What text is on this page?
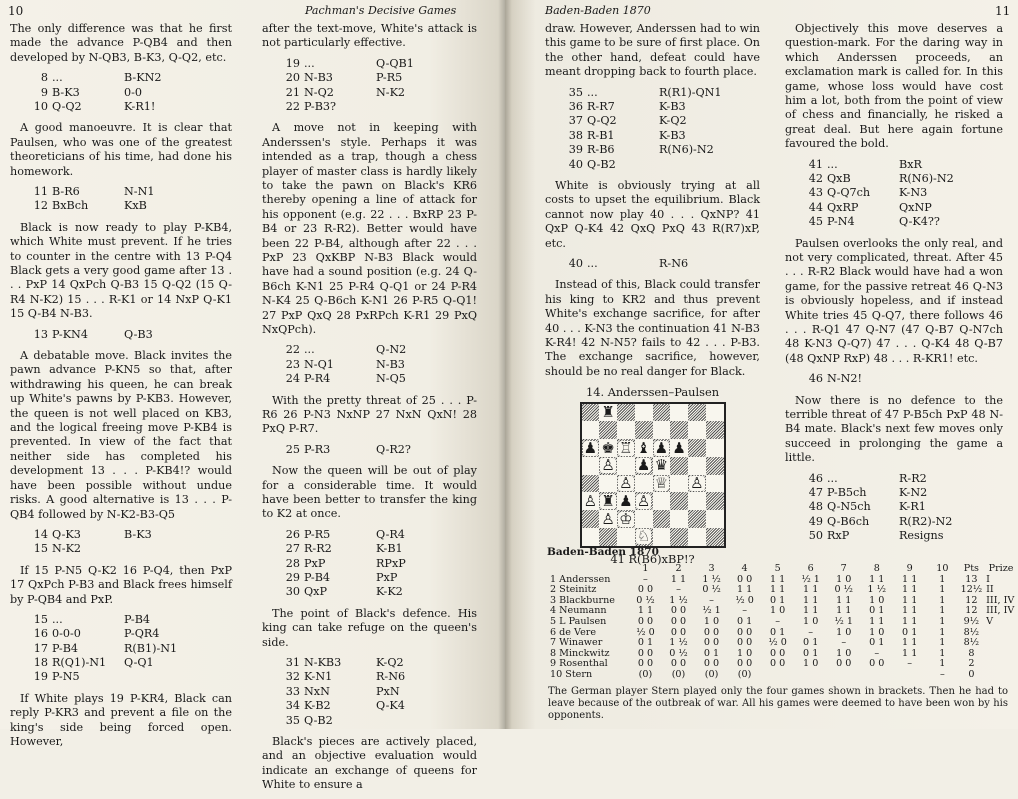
10	Pachman's Decisive Games

The only difference was that he first made the advance P-QB4 and then developed by N-QB3, B-K3, Q-Q2, etc.

8 ...	B-KN2
9 B-K3	0-0
10 Q-Q2	K-R1!

A good manoeuvre. It is clear that Paulsen, who was one of the greatest theoreticians of his time, had done his homework.

11 B-R6	N-N1
12 BxBch	KxB

Black is now ready to play P-KB4, which White must prevent. If he tries to counter in the centre with 13 P-Q4 Black gets a very good game after 13 . . . PxP 14 QxPch Q-B3 15 Q-Q2 (15 Q-R4 N-K2) 15 . . . R-K1 or 14 NxP Q-K1 15 Q-B4 N-B3.

13 P-KN4	Q-B3

A debatable move. Black invites the pawn advance P-KN5 so that, after withdrawing his queen, he can break up White's pawns by P-KB3. However, the queen is not well placed on KB3, and the logical freeing move P-KB4 is prevented. In view of the fact that neither side has completed his development 13 . . . P-KB4!? would have been possible without undue risks. A good alternative is 13 . . . P-QB4 followed by N-K2-B3-Q5

14 Q-K3	B-K3
15 N-K2

If 15 P-N5 Q-K2 16 P-Q4, then PxP 17 QxPch P-B3 and Black frees himself by P-QB4 and PxP.

15 ...	P-B4
16 0-0-0	P-QR4
17 P-B4	R(B1)-N1
18 R(Q1)-N1	Q-Q1
19 P-N5

If White plays 19 P-KR4, Black can reply P-KR3 and prevent a file on the king's side being forced open. However,

after the text-move, White's attack is not particularly effective.

19 ...	Q-QB1
20 N-B3	P-R5
21 N-Q2	N-K2
22 P-B3?

A move not in keeping with Anderssen's style. Perhaps it was intended as a trap, though a chess player of master class is hardly likely to take the pawn on Black's KR6 thereby opening a line of attack for his opponent (e.g. 22 . . . BxRP 23 P-B4 or 23 R-R2). Better would have been 22 P-B4, although after 22 . . . PxP 23 QxKBP N-B3 Black would have had a sound position (e.g. 24 Q-B6ch K-N1 25 P-R4 Q-Q1 or 24 P-R4 N-K4 25 Q-B6ch K-N1 26 P-R5 Q-Q1! 27 PxP QxQ 28 PxRPch K-R1 29 PxQ NxQPch).

22 ...	Q-N2
23 N-Q1	N-B3
24 P-R4	N-Q5

With the pretty threat of 25 . . . P-R6 26 P-N3 NxNP 27 NxN QxN! 28 PxQ P-R7.

25 P-R3	Q-R2?

Now the queen will be out of play for a considerable time. It would have been better to transfer the king to K2 at once.

26 P-R5	Q-R4
27 R-R2	K-B1
28 PxP	RPxP
29 P-B4	PxP
30 QxP	K-K2

The point of Black's defence. His king can take refuge on the queen's side.

31 N-KB3	K-Q2
32 K-N1	R-N6
33 NxN	PxN
34 K-B2	Q-K4
35 Q-B2

Black's pieces are actively placed, and an objective evaluation would indicate an exchange of queens for White to ensure a

Baden-Baden 1870	11

draw. However, Anderssen had to win this game to be sure of first place. On the other hand, defeat could have meant dropping back to fourth place.

35 ...	R(R1)-QN1
36 R-R7	K-B3
37 Q-Q2	K-Q2
38 R-B1	K-B3
39 R-B6	R(N6)-N2
40 Q-B2

White is obviously trying at all costs to upset the equilibrium. Black cannot now play 40 . . . QxNP? 41 QxP Q-K4 42 QxQ PxQ 43 R(R7)xP, etc.

40 ...	R-N6

Instead of this, Black could transfer his king to KR2 and thus prevent White's exchange sacrifice, for after 40 . . . K-N3 the continuation 41 N-B3 K-R4! 42 N-N5? fails to 42 . . . P-B3. The exchange sacrifice, however, should be no real danger for Black.

14. Anderssen–Paulsen
♜
♟ ♚ ♖ ♝ ♟ ♟
♙ ♟ ♛
♙ ♕ ♙
♙ ♜ ♟ ♙
♙ ♔
♘
41 R(B6)xBP!?

Objectively this move deserves a question-mark. For the daring way in which Anderssen proceeds, an exclamation mark is called for. In this game, whose loss would have cost him a lot, both from the point of view of chess and financially, he risked a great deal. But here again fortune favoured the bold.

41 ...	BxR
42 QxB	R(N6)-N2
43 Q-Q7ch	K-N3
44 QxRP	QxNP
45 P-N4	Q-K4??

Paulsen overlooks the only real, and not very complicated, threat. After 45 . . . R-R2 Black would have had a won game, for the passive retreat 46 Q-N3 is obviously hopeless, and if instead White tries 45 Q-Q7, there follows 46 . . . R-Q1 47 Q-N7 (47 Q-B7 Q-N7ch 48 K-N3 Q-Q7) 47 . . . Q-K4 48 Q-B7 (48 QxNP RxP) 48 . . . R-KR1! etc.

46 N-N2!

Now there is no defence to the terrible threat of 47 P-B5ch PxP 48 N-B4 mate. Black's next few moves only succeed in prolonging the game a little.

46 ...	R-R2
47 P-B5ch	K-N2
48 Q-N5ch	K-R1
49 Q-B6ch	R(R2)-N2
50 RxP	Resigns
Baden-Baden 1870
	1	2	3	4	5	6	7	8	9	10	Pts	Prize
1 Anderssen	–	1 1	1 ½	0 0	1 1	½ 1	1 0	1 1	1 1	1	13	I
2 Steinitz	0 0	–	0 ½	1 1	1 1	1 1	0 ½	1 ½	1 1	1	12½	II
3 Blackburne	0 ½	1 ½	–	½ 0	0 1	1 1	1 1	1 0	1 1	1	12	III, IV
4 Neumann	1 1	0 0	½ 1	–	1 0	1 1	1 1	0 1	1 1	1	12	III, IV
5 L Paulsen	0 0	0 0	1 0	0 1	–	1 0	½ 1	1 1	1 1	1	9½	V
6 de Vere	½ 0	0 0	0 0	0 0	0 1	–	1 0	1 0	0 1	1	8½	
7 Winawer	0 1	1 ½	0 0	0 0	½ 0	0 1	–	0 1	1 1	1	8½	
8 Minckwitz	0 0	0 ½	0 1	1 0	0 0	0 1	1 0	–	1 1	1	8	
9 Rosenthal	0 0	0 0	0 0	0 0	0 0	1 0	0 0	0 0	–	1	2	
10 Stern	(0)	(0)	(0)	(0)						–	0	
The German player Stern played only the four games shown in brackets. Then he had to leave because of the outbreak of war. All his games were deemed to have been won by his opponents.
